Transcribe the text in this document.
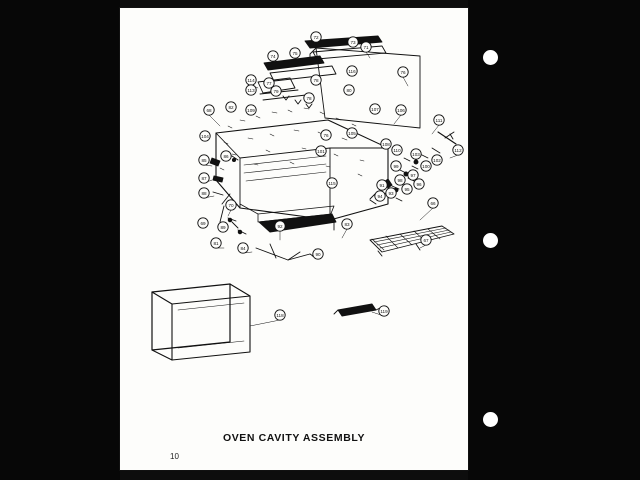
72
73
71
74
75
116	76
114
77
78
113	79	80
78
68
82
109	107	106
111
104	76	105
108
112
85
86	103
110
101
102
100
87
99
97
88
115
98
96
95
93
94
91
66
70
69
89	92	83
81
84
90
67
118
119
OVEN CAVITY ASSEMBLY
10
